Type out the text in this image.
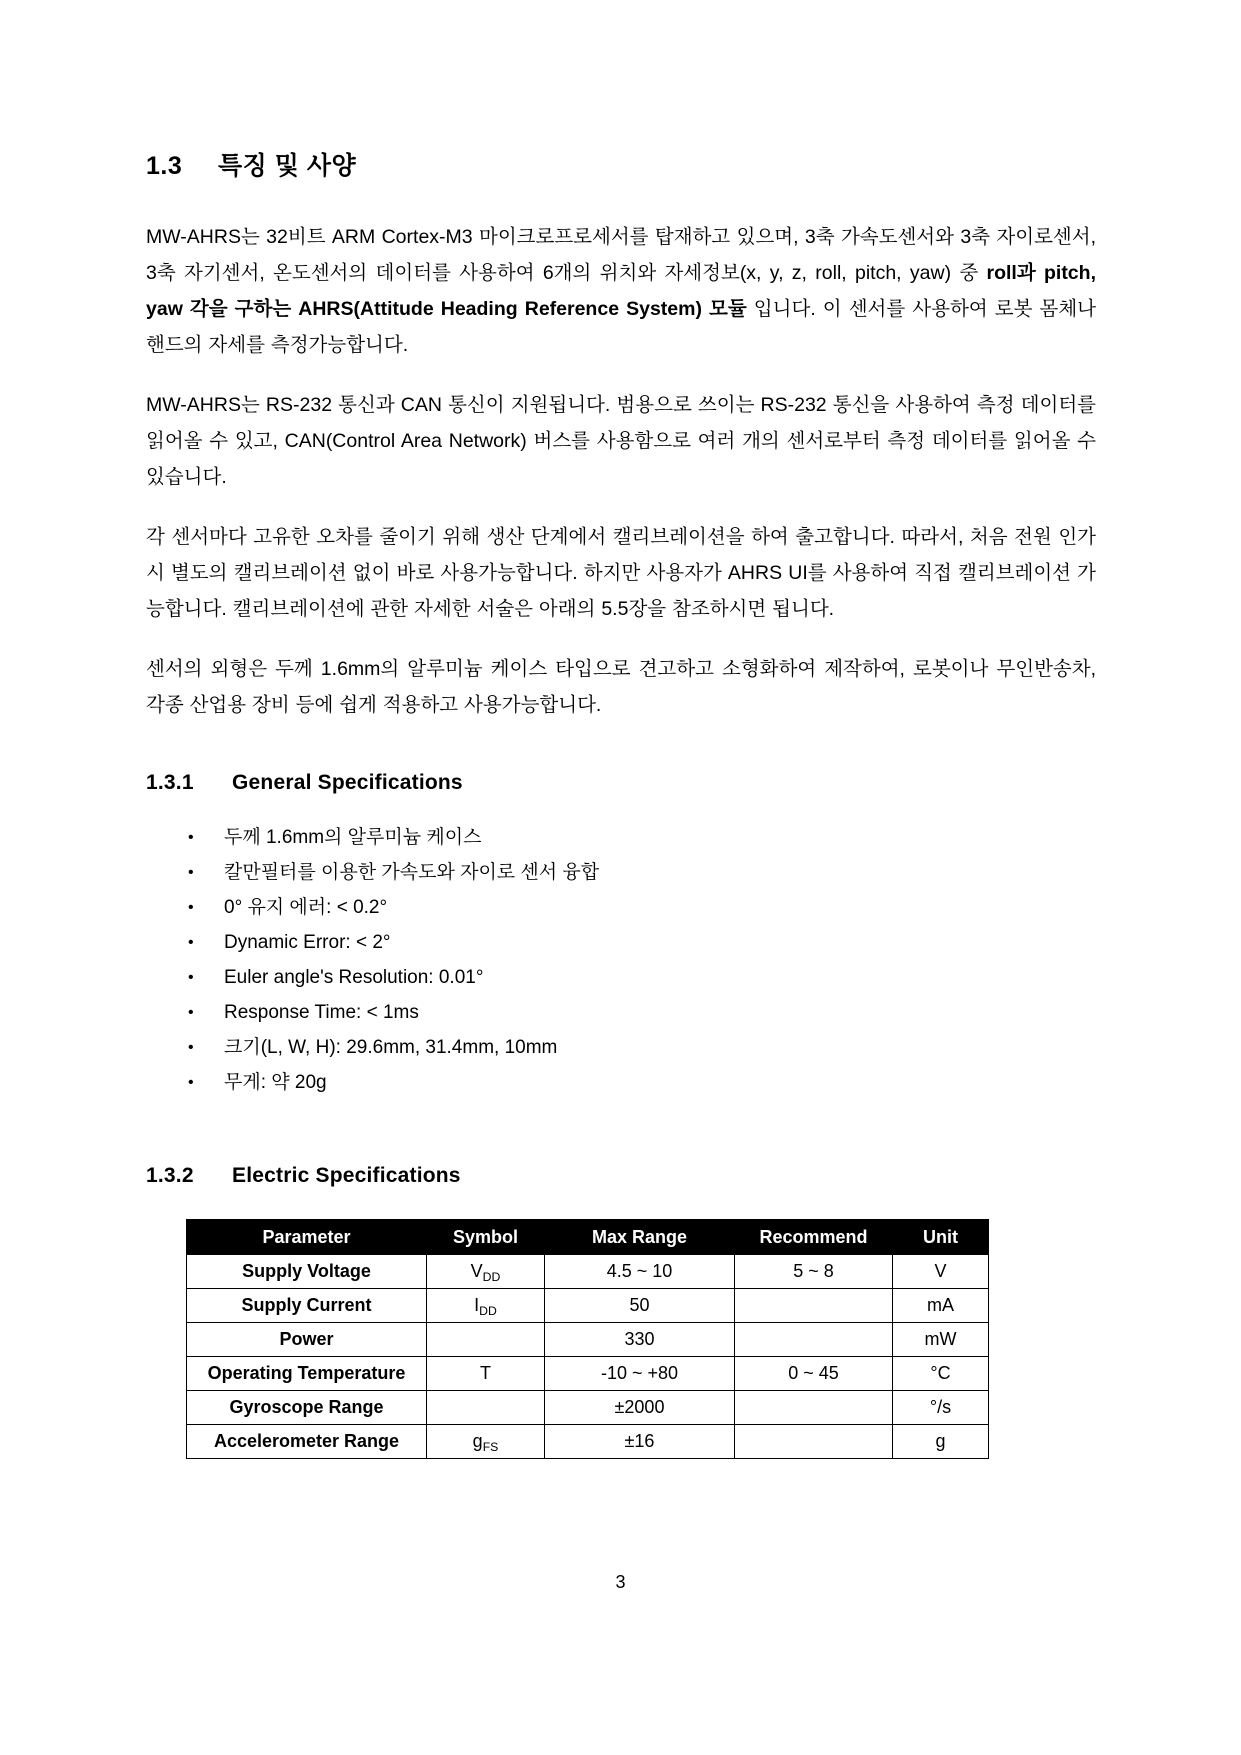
1.3 특징 및 사양

MW-AHRS는 32비트 ARM Cortex-M3 마이크로프로세서를 탑재하고 있으며, 3축 가속도센서와 3축 자이로센서, 3축 자기센서, 온도센서의 데이터를 사용하여 6개의 위치와 자세정보(x, y, z, roll, pitch, yaw) 중 roll과 pitch, yaw 각을 구하는 AHRS(Attitude Heading Reference System) 모듈 입니다. 이 센서를 사용하여 로봇 몸체나 핸드의 자세를 측정가능합니다.

MW-AHRS는 RS-232 통신과 CAN 통신이 지원됩니다. 범용으로 쓰이는 RS-232 통신을 사용하여 측정 데이터를 읽어올 수 있고, CAN(Control Area Network) 버스를 사용함으로 여러 개의 센서로부터 측정 데이터를 읽어올 수 있습니다.

각 센서마다 고유한 오차를 줄이기 위해 생산 단계에서 캘리브레이션을 하여 출고합니다. 따라서, 처음 전원 인가 시 별도의 캘리브레이션 없이 바로 사용가능합니다. 하지만 사용자가 AHRS UI를 사용하여 직접 캘리브레이션 가능합니다. 캘리브레이션에 관한 자세한 서술은 아래의 5.5장을 참조하시면 됩니다.

센서의 외형은 두께 1.6mm의 알루미늄 케이스 타입으로 견고하고 소형화하여 제작하여, 로봇이나 무인반송차, 각종 산업용 장비 등에 쉽게 적용하고 사용가능합니다.

1.3.1 General Specifications
• 두께 1.6mm의 알루미늄 케이스
• 칼만필터를 이용한 가속도와 자이로 센서 융합
• 0° 유지 에러: < 0.2°
• Dynamic Error: < 2°
• Euler angle's Resolution: 0.01°
• Response Time: < 1ms
• 크기(L, W, H): 29.6mm, 31.4mm, 10mm
• 무게: 약 20g
1.3.2 Electric Specifications
Parameter	Symbol	Max Range	Recommend	Unit
Supply Voltage	$V_{DD}$	4.5 ~ 10	5 ~ 8	V
Supply Current	$I_{DD}$	50		mA
Power		330		mW
Operating Temperature	T	-10 ~ +80	0 ~ 45	°C
Gyroscope Range		±2000		°/s
Accelerometer Range	$g_{FS}$	±16		g
3
